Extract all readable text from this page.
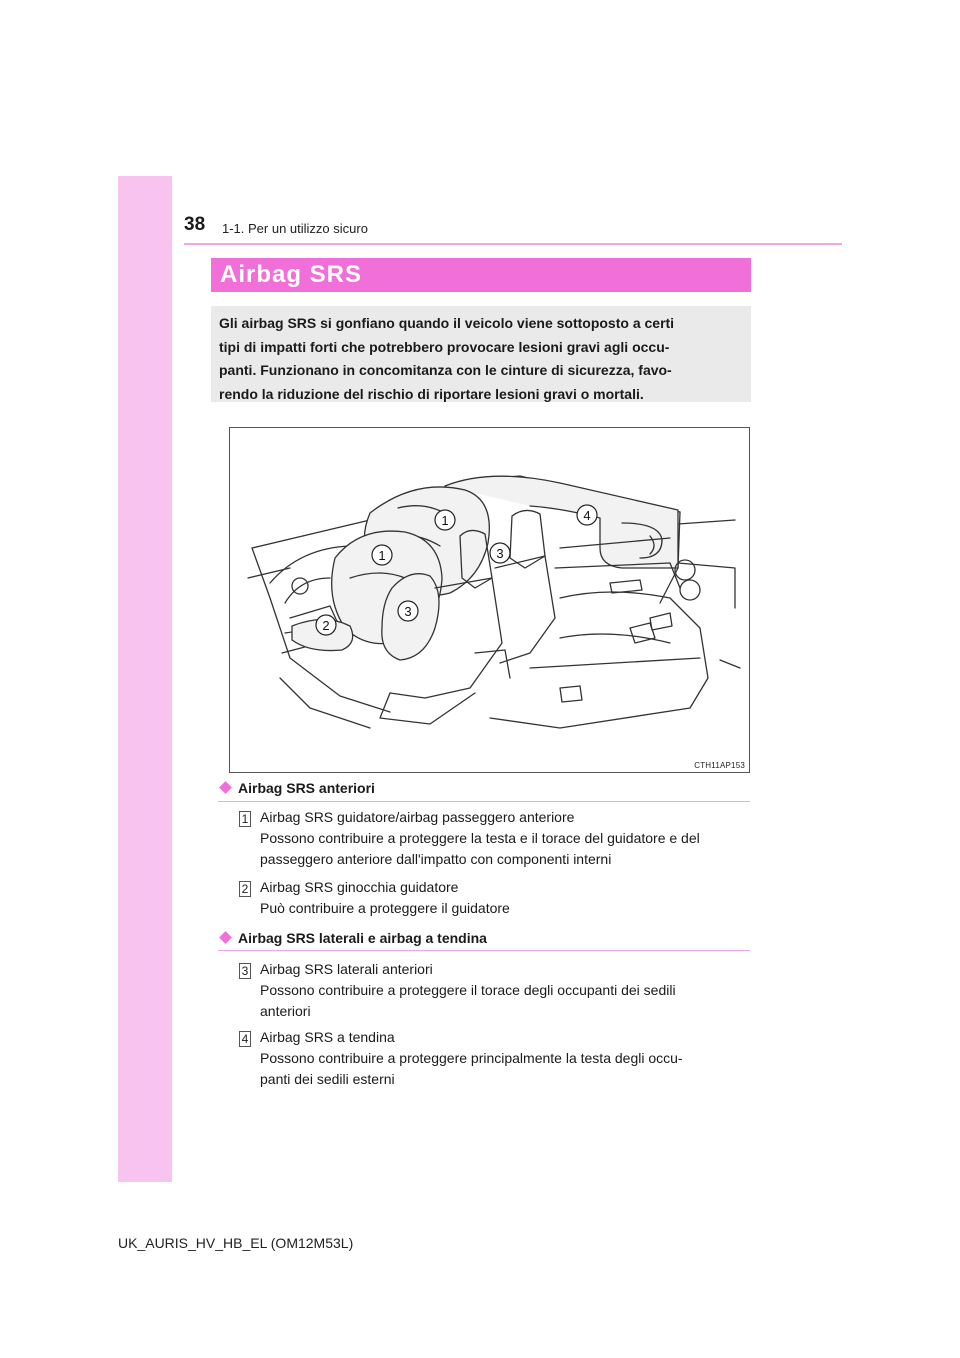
38 1-1. Per un utilizzo sicuro
Airbag SRS

Gli airbag SRS si gonfiano quando il veicolo viene sottoposto a certi

tipi di impatti forti che potrebbero provocare lesioni gravi agli occu-

panti. Funzionano in concomitanza con le cinture di sicurezza, favo-

rendo la riduzione del rischio di riportare lesioni gravi o mortali.

1
1
2
3
3
4
CTH11AP153
Airbag SRS anteriori
1 Airbag SRS guidatore/airbag passeggero anteriore
Possono contribuire a proteggere la testa e il torace del guidatore e del
passeggero anteriore dall'impatto con componenti interni
2 Airbag SRS ginocchia guidatore
Può contribuire a proteggere il guidatore
Airbag SRS laterali e airbag a tendina
3 Airbag SRS laterali anteriori
Possono contribuire a proteggere il torace degli occupanti dei sedili
anteriori
4 Airbag SRS a tendina
Possono contribuire a proteggere principalmente la testa degli occu-
panti dei sedili esterni
UK_AURIS_HV_HB_EL (OM12M53L)
